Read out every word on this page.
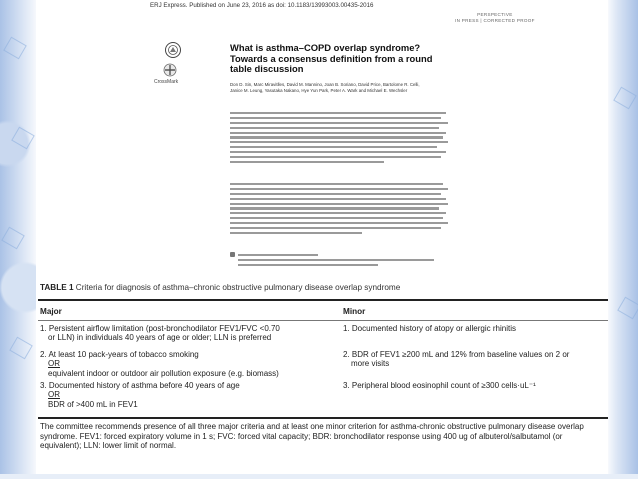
ERJ Express. Published on June 23, 2016 as doi: 10.1183/13993003.00435-2016
PERSPECTIVE
IN PRESS | CORRECTED PROOF
CrossMark
What is asthma–COPD overlap syndrome? Towards a consensus definition from a round table discussion
Don D. Sin, Marc Miravitlles, David M. Mannino, Joan B. Soriano, David Price, Bartolome R. Celli, Janice M. Leung, Yasutaka Nakano, Hye Yun Park, Peter A. Wark and Michael E. Wechsler
TABLE 1 Criteria for diagnosis of asthma–chronic obstructive pulmonary disease overlap syndrome
Major	Minor
1. Persistent airflow limitation (post-bronchodilator FEV1/FVC <0.70
or LLN) in individuals 40 years of age or older; LLN is preferred
2. At least 10 pack-years of tobacco smoking
OR
equivalent indoor or outdoor air pollution exposure (e.g. biomass)
3. Documented history of asthma before 40 years of age
OR
BDR of >400 mL in FEV1
1. Documented history of atopy or allergic rhinitis
2. BDR of FEV1 ≥200 mL and 12% from baseline values on 2 or
more visits
3. Peripheral blood eosinophil count of ≥300 cells·uL⁻¹
The committee recommends presence of all three major criteria and at least one minor criterion for asthma-chronic obstructive pulmonary disease overlap syndrome. FEV1: forced expiratory volume in 1 s; FVC: forced vital capacity; BDR: bronchodilator response using 400 ug of albuterol/salbutamol (or equivalent); LLN: lower limit of normal.
